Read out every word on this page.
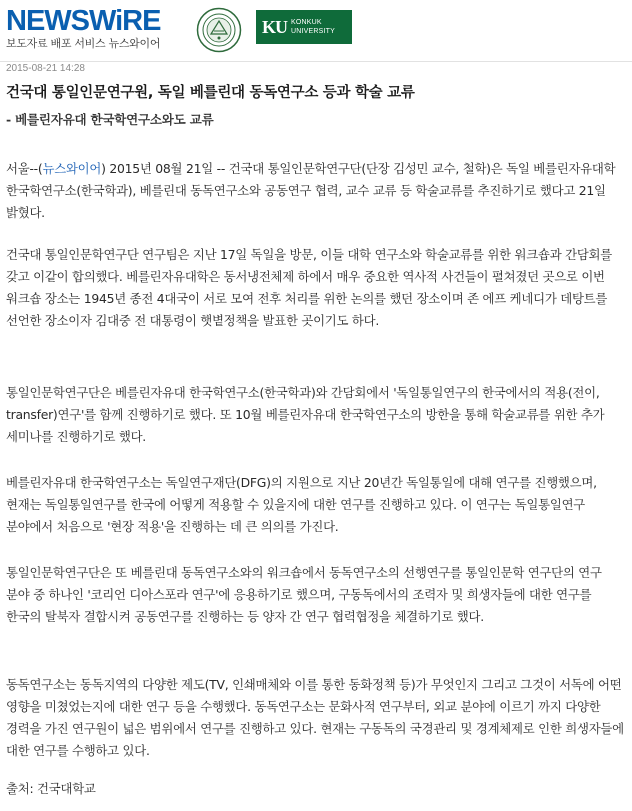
NEWSWiRE
보도자료 배포 서비스 뉴스와이어
KU KONKUK
UNIVERSITY
2015-08-21 14:28
건국대 통일인문연구원, 독일 베를린대 동독연구소 등과 학술 교류
- 베를린자유대 한국학연구소와도 교류

서울--(뉴스와이어) 2015년 08월 21일 -- 건국대 통일인문학연구단(단장 김성민 교수, 철학)은 독일 베를린자유대학 한국학연구소(한국학과), 베를린대 동독연구소와 공동연구 협력, 교수 교류 등 학술교류를 추진하기로 했다고 21일 밝혔다.

건국대 통일인문학연구단 연구팀은 지난 17일 독일을 방문, 이들 대학 연구소와 학술교류를 위한 워크숍과 간담회를 갖고 이같이 합의했다. 베를린자유대학은 동서냉전체제 하에서 매우 중요한 역사적 사건들이 펼쳐졌던 곳으로 이번 워크숍 장소는 1945년 종전 4대국이 서로 모여 전후 처리를 위한 논의를 했던 장소이며 존 에프 케네디가 데탕트를 선언한 장소이자 김대중 전 대통령이 햇볕정책을 발표한 곳이기도 하다.

통일인문학연구단은 베를린자유대 한국학연구소(한국학과)와 간담회에서 '독일통일연구의 한국에서의 적용(전이, transfer)연구'를 함께 진행하기로 했다. 또 10월 베를린자유대 한국학연구소의 방한을 통해 학술교류를 위한 추가 세미나를 진행하기로 했다.

베를린자유대 한국학연구소는 독일연구재단(DFG)의 지원으로 지난 20년간 독일통일에 대해 연구를 진행했으며, 현재는 독일통일연구를 한국에 어떻게 적용할 수 있을지에 대한 연구를 진행하고 있다. 이 연구는 독일통일연구 분야에서 처음으로 '현장 적용'을 진행하는 데 큰 의의를 가진다.

통일인문학연구단은 또 베를린대 동독연구소와의 워크숍에서 동독연구소의 선행연구를 통일인문학 연구단의 연구 분야 중 하나인 '코리언 디아스포라 연구'에 응용하기로 했으며, 구동독에서의 조력자 및 희생자들에 대한 연구를 한국의 탈북자 결합시켜 공동연구를 진행하는 등 양자 간 연구 협력협정을 체결하기로 했다.

동독연구소는 동독지역의 다양한 제도(TV, 인쇄매체와 이를 통한 동화정책 등)가 무엇인지 그리고 그것이 서독에 어떤 영향을 미쳤었는지에 대한 연구 등을 수행했다. 동독연구소는 문화사적 연구부터, 외교 분야에 이르기 까지 다양한 경력을 가진 연구원이 넓은 범위에서 연구를 진행하고 있다. 현재는 구동독의 국경관리 및 경계체제로 인한 희생자들에 대한 연구를 수행하고 있다.

출처: 건국대학교
